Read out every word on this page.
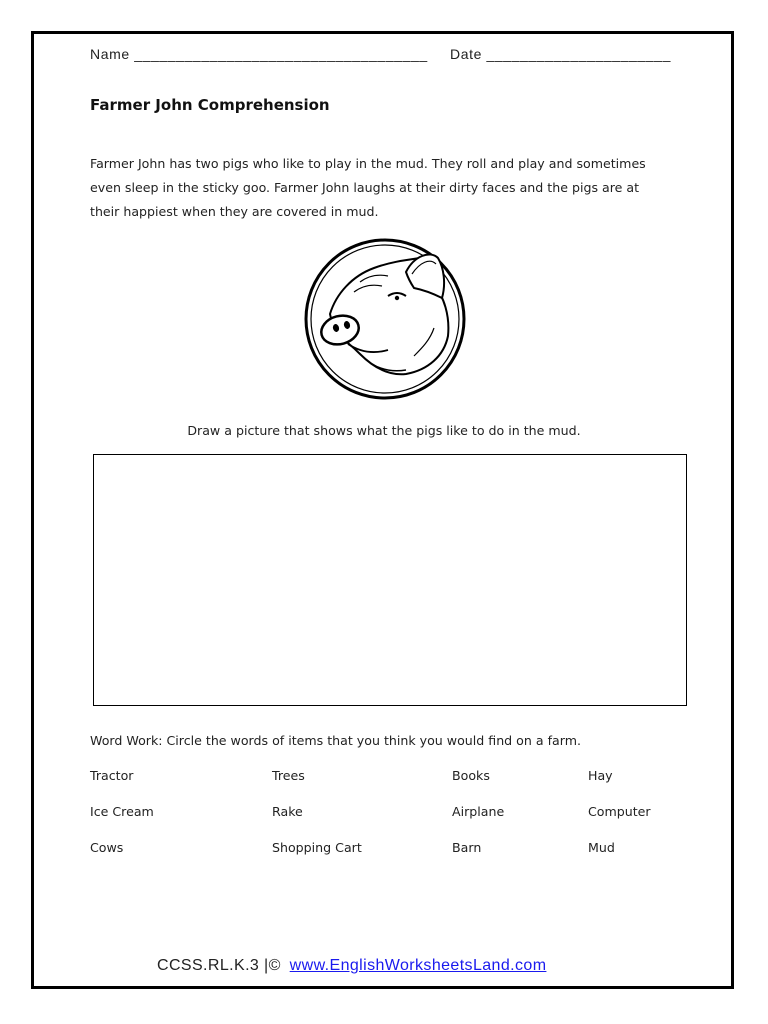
Name ___________________________________ Date ______________________
Farmer John Comprehension
Farmer John has two pigs who like to play in the mud. They roll and play and sometimes
even sleep in the sticky goo. Farmer John laughs at their dirty faces and the pigs are at
their happiest when they are covered in mud.
Draw a picture that shows what the pigs like to do in the mud.
Word Work: Circle the words of items that you think you would find on a farm.
Tractor	Trees	Books	Hay
Ice Cream	Rake	Airplane	Computer
Cows	Shopping Cart	Barn	Mud
CCSS.RL.K.3 |© www.EnglishWorksheetsLand.com
